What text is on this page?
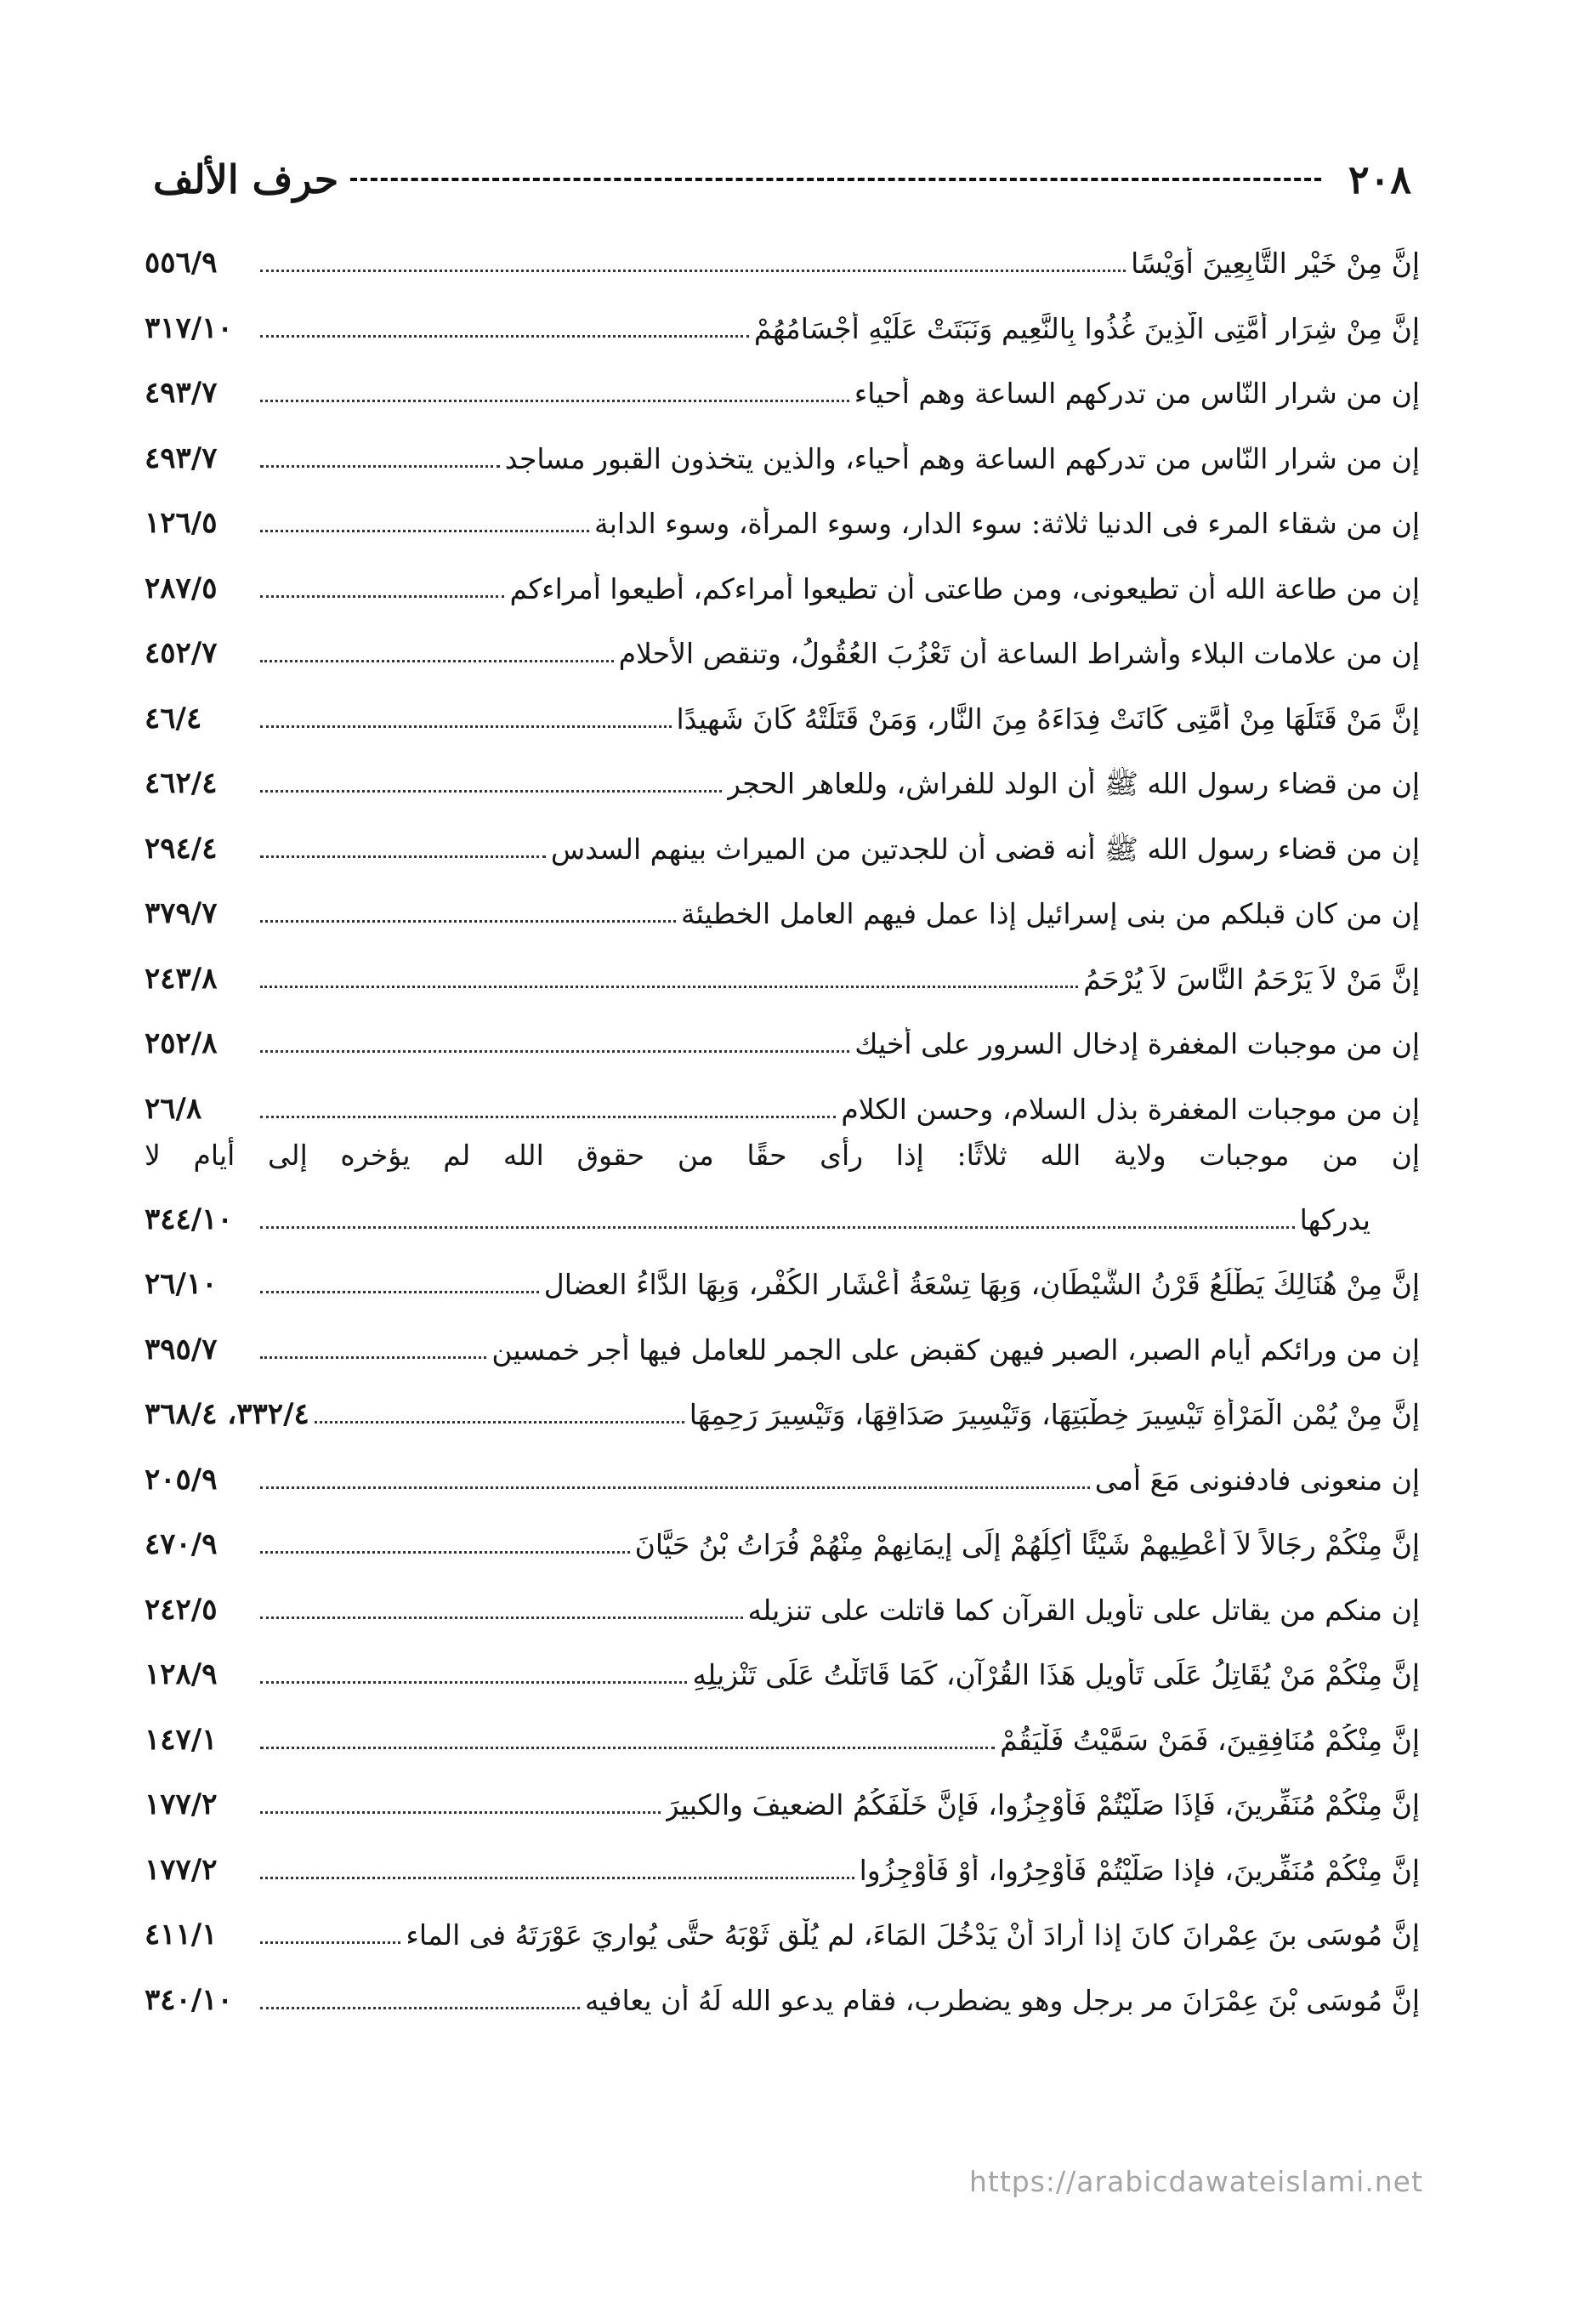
٢٠٨
حرف الألف
إِنَّ مِنْ خَيْرِ التَّابِعِينَ أُوَيْسًا
٥٥٦/٩
إِنَّ مِنْ شِرَارِ أُمَّتِى الَّذِينَ غُذُوا بِالنَّعِيمِ وَنَبَتَتْ عَلَيْهِ أَجْسَامُهُمْ
٣١٧/١٠
إن من شرار النّاس من تدركهم الساعة وهم أحياء
٤٩٣/٧
إن من شرار النّاس من تدركهم الساعة وهم أحياء، والذين يتخذون القبور مساجد
٤٩٣/٧
إن من شقاء المرء فى الدنيا ثلاثة: سوء الدار، وسوء المرأة، وسوء الدابة
١٢٦/٥
إن من طاعة الله أن تطيعونى، ومن طاعتى أن تطيعوا أمراءكم، أطيعوا أمراءكم
٢٨٧/٥
إن من علامات البلاء وأشراط الساعة أن تَعْزُبَ العُقُولُ، وتنقص الأحلام
٤٥٢/٧
إِنَّ مَنْ قَتَلَهَا مِنْ أُمَّتِى كَانَتْ فِدَاءَهُ مِنَ النَّارِ، وَمَنْ قَتَلَتْهُ كَانَ شَهِيدًا
٤٦/٤
إن من قضاء رسول الله ﷺ أن الولد للفراش، وللعاهر الحجر
٤٦٢/٤
إن من قضاء رسول الله ﷺ أنه قضى أن للجدتين من الميراث بينهم السدس
٢٩٤/٤
إن من كان قبلكم من بنى إسرائيل إذا عمل فيهم العامل الخطيئة
٣٧٩/٧
إِنَّ مَنْ لاَ يَرْحَمُ النَّاسَ لاَ يُرْحَمُ
٢٤٣/٨
إن من موجبات المغفرة إدخال السرور على أخيك
٢٥٢/٨
إن من موجبات المغفرة بذل السلام، وحسن الكلام
٢٦/٨
إن من موجبات ولاية الله ثلاثًا: إذا رأى حقًا من حقوق الله لم يؤخره إلى أيام لا
يدركها
٣٤٤/١٠
إِنَّ مِنْ هُنَالِكَ يَطْلُعُ قَرْنُ الشَّيْطَانِ، وَبِهَا تِسْعَةُ أَعْشَارِ الكُفْرِ، وَبِهَا الدَّاءُ العضال
٢٦/١٠
إن من ورائكم أيام الصبر، الصبر فيهن كقبض على الجمر للعامل فيها أجر خمسين
٣٩٥/٧
إِنَّ مِنْ يُمْنِ الْمَرْأَةِ تَيْسِيرَ خِطْبَتِهَا، وَتَيْسِيرَ صَدَاقِهَا، وَتَيْسِيرَ رَحِمِهَا
٣٣٢/٤، ٣٦٨/٤
إن منعونى فادفنونى مَعَ أمى
٢٠٥/٩
إِنَّ مِنْكُمْ رِجَالاً لاَ أُعْطِيهِمْ شَيْئًا أَكِلُهُمْ إِلَى إِيمَانِهِمْ مِنْهُمْ فُرَاتُ بْنُ حَيَّانَ
٤٧٠/٩
إن منكم من يقاتل على تأويل القرآن كما قاتلت على تنزيله
٢٤٢/٥
إِنَّ مِنْكُمْ مَنْ يُقَاتِلُ عَلَى تَأْوِيلِ هَذَا القُرْآنِ، كَمَا قَاتَلْتُ عَلَى تَنْزِيلِهِ
١٢٨/٩
إِنَّ مِنْكُمْ مُنَافِقِينَ، فَمَنْ سَمَّيْتُ فَلْيَقُمْ
١٤٧/١
إِنَّ مِنْكُمْ مُنَفِّرِينَ، فَإِذَا صَلَّيْتُمْ فَأَوْجِزُوا، فَإِنَّ خَلْفَكُمُ الضعيفَ والكبيرَ
١٧٧/٢
إِنَّ مِنْكُمْ مُنَفِّرِينَ، فإذا صَلَّيْتُمْ فَأَوْحِرُوا، أَوْ فَأَوْجِزُوا
١٧٧/٢
إِنَّ مُوسَى بنَ عِمْرانَ كانَ إذا أرادَ أنْ يَدْخُلَ المَاءَ، لم يُلْقِ ثَوْبَهُ حتَّى يُوارِيَ عَوْرَتَهُ فى الماء
٤١١/١
إِنَّ مُوسَى بْنَ عِمْرَانَ مر برجل وهو يضطرب، فقام يدعو الله لَهُ أن يعافيه
٣٤٠/١٠
https://arabicdawateislami.net
